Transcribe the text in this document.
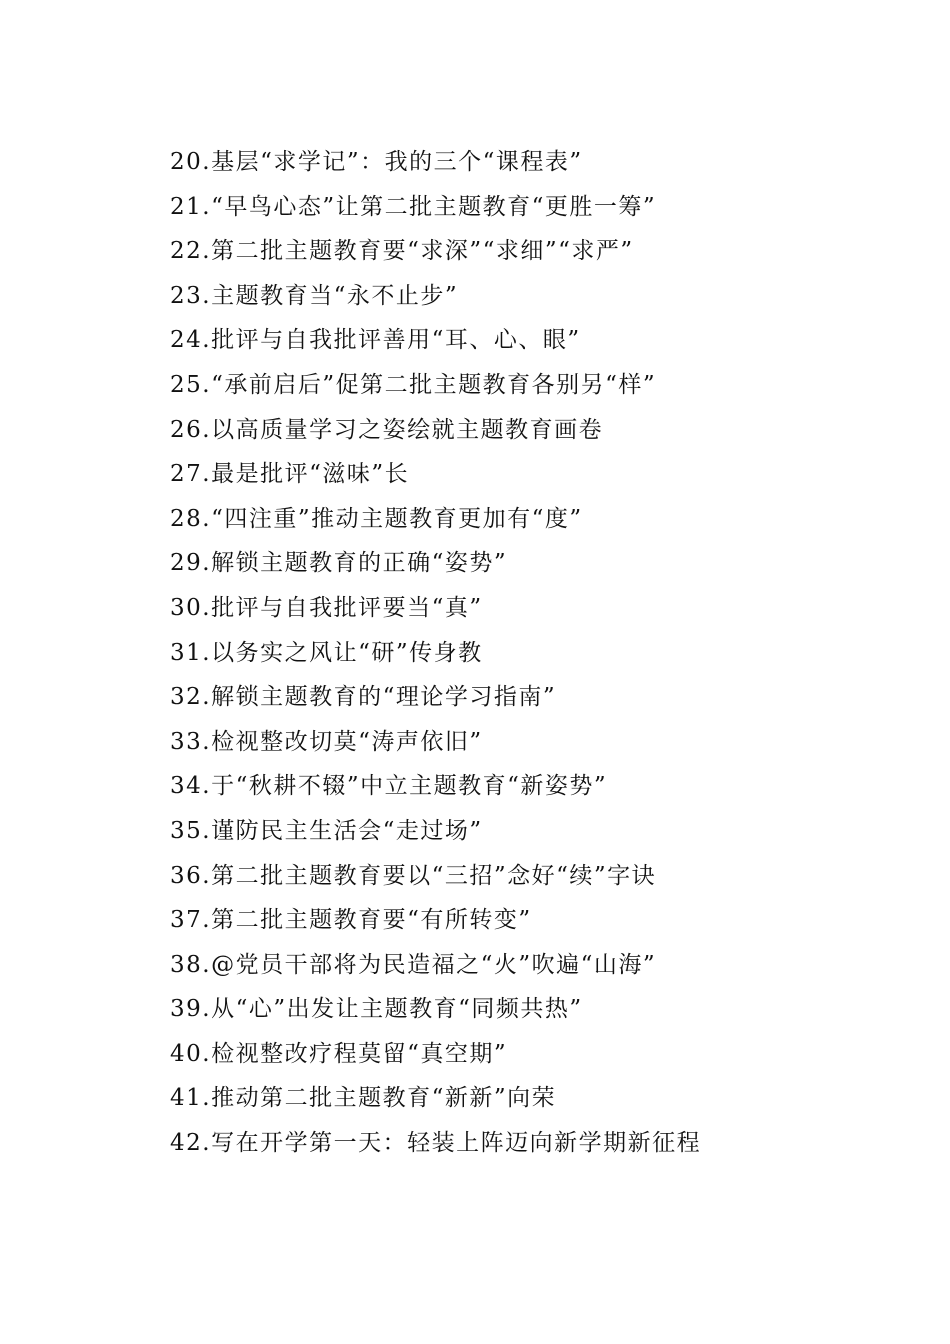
20.基层“求学记”：我的三个“课程表”
21.“早鸟心态”让第二批主题教育“更胜一筹”
22.第二批主题教育要“求深”“求细”“求严”
23.主题教育当“永不止步”
24.批评与自我批评善用“耳、心、眼”
25.“承前启后”促第二批主题教育各别另“样”
26.以高质量学习之姿绘就主题教育画卷
27.最是批评“滋味”长
28.“四注重”推动主题教育更加有“度”
29.解锁主题教育的正确“姿势”
30.批评与自我批评要当“真”
31.以务实之风让“研”传身教
32.解锁主题教育的“理论学习指南”
33.检视整改切莫“涛声依旧”
34.于“秋耕不辍”中立主题教育“新姿势”
35.谨防民主生活会“走过场”
36.第二批主题教育要以“三招”念好“续”字诀
37.第二批主题教育要“有所转变”
38.@党员干部将为民造福之“火”吹遍“山海”
39.从“心”出发让主题教育“同频共热”
40.检视整改疗程莫留“真空期”
41.推动第二批主题教育“新新”向荣
42.写在开学第一天：轻装上阵迈向新学期新征程
